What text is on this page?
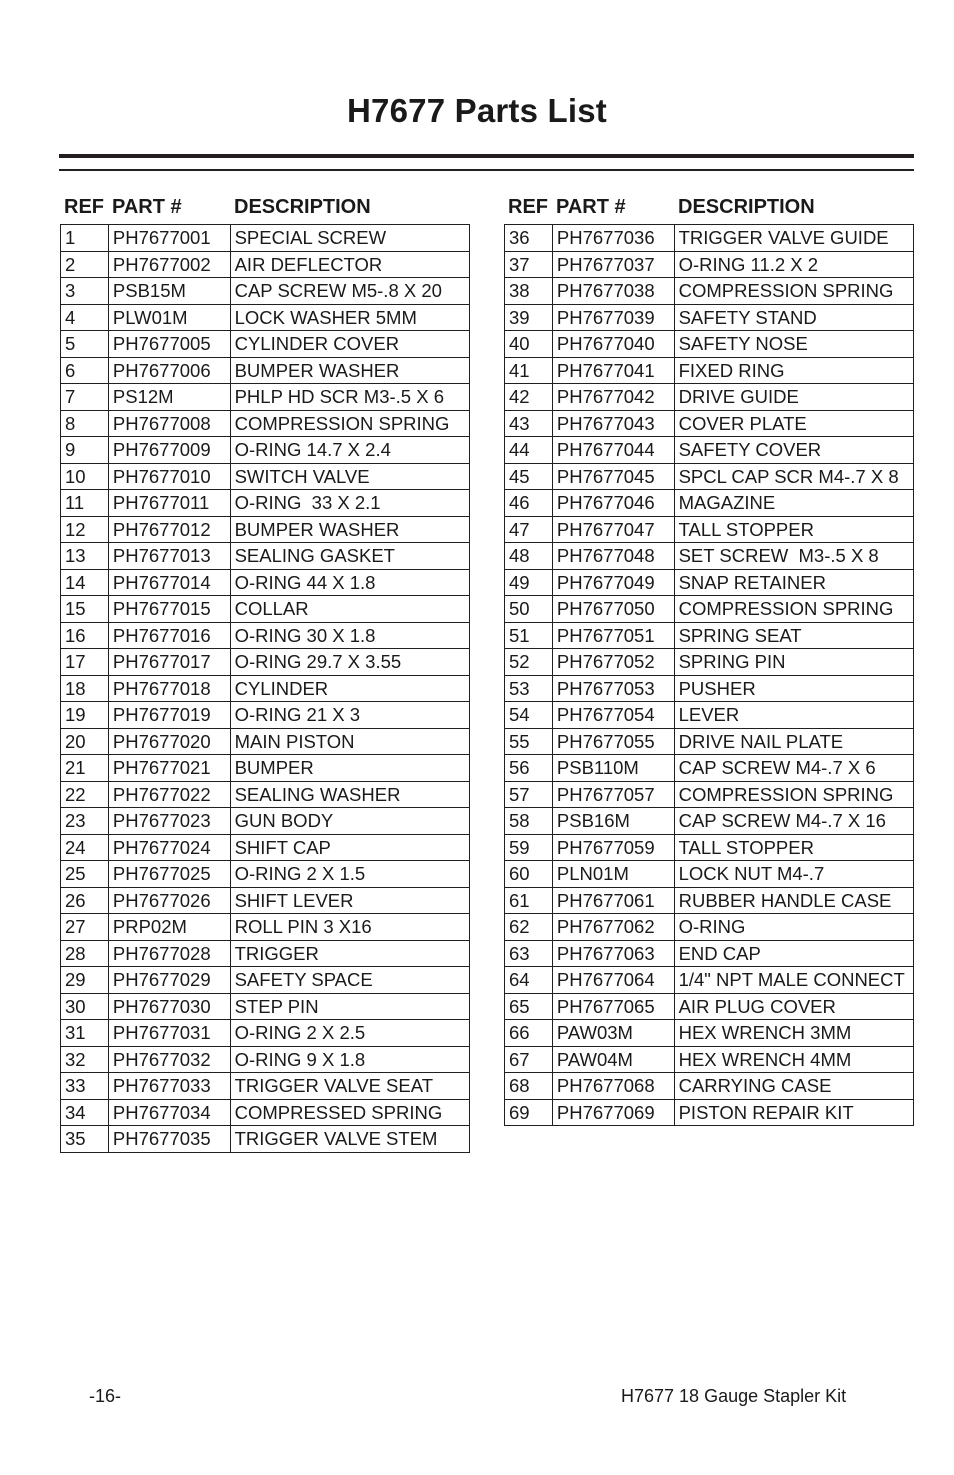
H7677 Parts List
REF PART #	DESCRIPTION
1	PH7677001	SPECIAL SCREW
2	PH7677002	AIR DEFLECTOR
3	PSB15M	CAP SCREW M5-.8 X 20
4	PLW01M	LOCK WASHER 5MM
5	PH7677005	CYLINDER COVER
6	PH7677006	BUMPER WASHER
7	PS12M	PHLP HD SCR M3-.5 X 6
8	PH7677008	COMPRESSION SPRING
9	PH7677009	O-RING 14.7 X 2.4
10	PH7677010	SWITCH VALVE
11	PH7677011	O-RING  33 X 2.1
12	PH7677012	BUMPER WASHER
13	PH7677013	SEALING GASKET
14	PH7677014	O-RING 44 X 1.8
15	PH7677015	COLLAR
16	PH7677016	O-RING 30 X 1.8
17	PH7677017	O-RING 29.7 X 3.55
18	PH7677018	CYLINDER
19	PH7677019	O-RING 21 X 3
20	PH7677020	MAIN PISTON
21	PH7677021	BUMPER
22	PH7677022	SEALING WASHER
23	PH7677023	GUN BODY
24	PH7677024	SHIFT CAP
25	PH7677025	O-RING 2 X 1.5
26	PH7677026	SHIFT LEVER
27	PRP02M	ROLL PIN 3 X16
28	PH7677028	TRIGGER
29	PH7677029	SAFETY SPACE
30	PH7677030	STEP PIN
31	PH7677031	O-RING 2 X 2.5
32	PH7677032	O-RING 9 X 1.8
33	PH7677033	TRIGGER VALVE SEAT
34	PH7677034	COMPRESSED SPRING
35	PH7677035	TRIGGER VALVE STEM
REF PART #	DESCRIPTION
36	PH7677036	TRIGGER VALVE GUIDE
37	PH7677037	O-RING 11.2 X 2
38	PH7677038	COMPRESSION SPRING
39	PH7677039	SAFETY STAND
40	PH7677040	SAFETY NOSE
41	PH7677041	FIXED RING
42	PH7677042	DRIVE GUIDE
43	PH7677043	COVER PLATE
44	PH7677044	SAFETY COVER
45	PH7677045	SPCL CAP SCR M4-.7 X 8
46	PH7677046	MAGAZINE
47	PH7677047	TALL STOPPER
48	PH7677048	SET SCREW  M3-.5 X 8
49	PH7677049	SNAP RETAINER
50	PH7677050	COMPRESSION SPRING
51	PH7677051	SPRING SEAT
52	PH7677052	SPRING PIN
53	PH7677053	PUSHER
54	PH7677054	LEVER
55	PH7677055	DRIVE NAIL PLATE
56	PSB110M	CAP SCREW M4-.7 X 6
57	PH7677057	COMPRESSION SPRING
58	PSB16M	CAP SCREW M4-.7 X 16
59	PH7677059	TALL STOPPER
60	PLN01M	LOCK NUT M4-.7
61	PH7677061	RUBBER HANDLE CASE
62	PH7677062	O-RING
63	PH7677063	END CAP
64	PH7677064	1/4" NPT MALE CONNECT
65	PH7677065	AIR PLUG COVER
66	PAW03M	HEX WRENCH 3MM
67	PAW04M	HEX WRENCH 4MM
68	PH7677068	CARRYING CASE
69	PH7677069	PISTON REPAIR KIT
-16-	H7677 18 Gauge Stapler Kit
